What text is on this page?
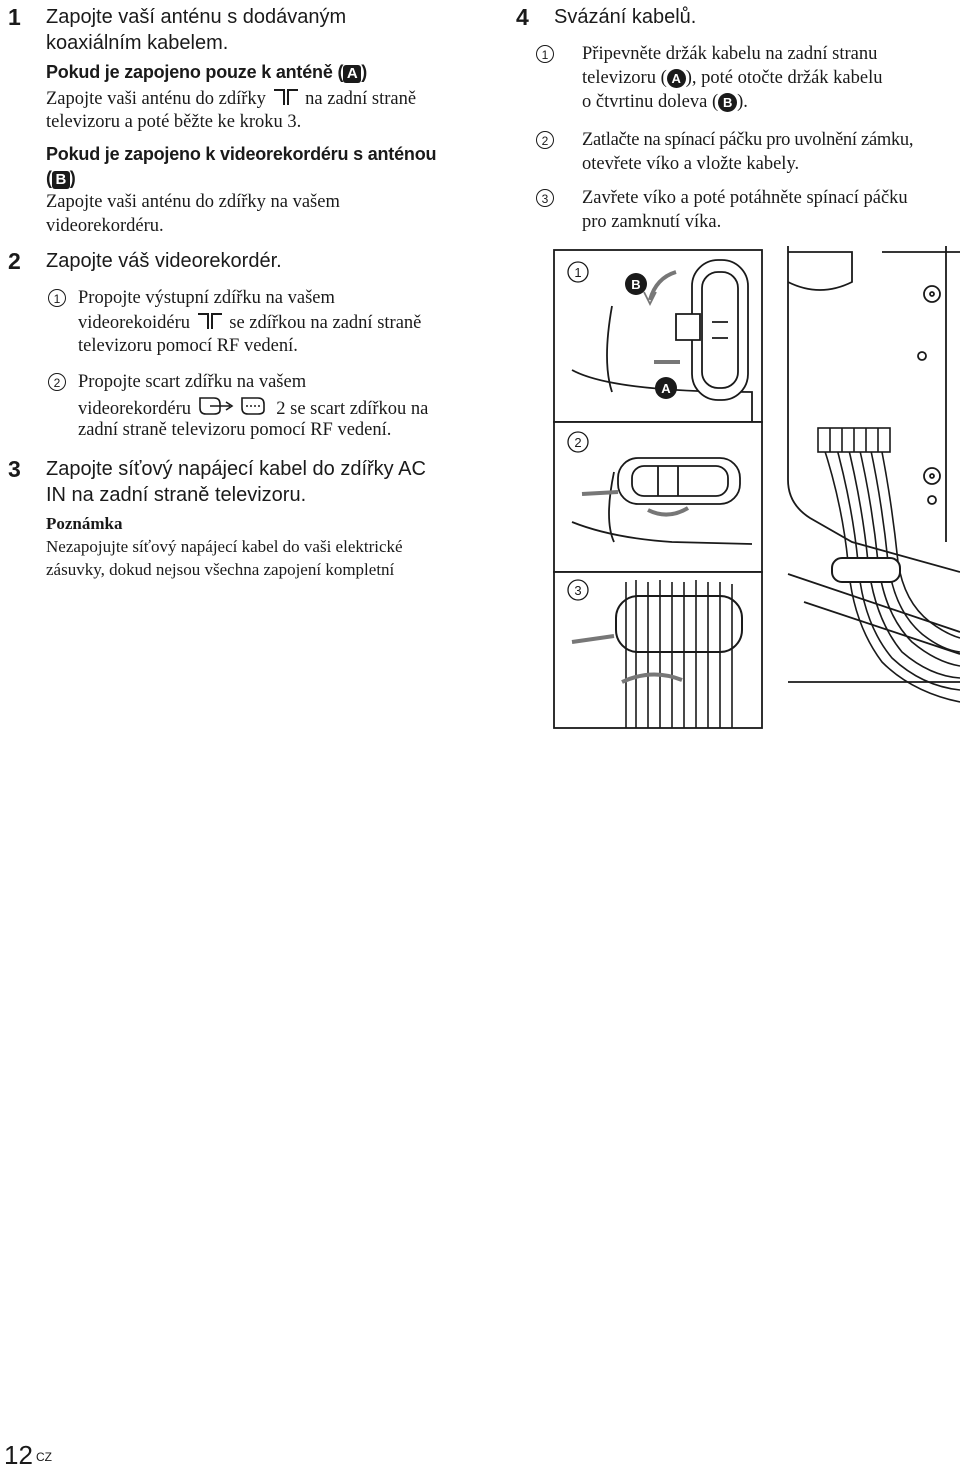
1 Zapojte vaší anténu s dodávaným
koaxiálním kabelem.
Pokud je zapojeno pouze k anténě ( A )
Zapojte vaši anténu do zdířky na zadní straně
televizoru a poté běžte ke kroku 3.
Pokud je zapojeno k videorekordéru s anténou
( B )
Zapojte vaši anténu do zdířky na vašem
videorekordéru.
2 Zapojte váš videorekordér.
1 Propojte výstupní zdířku na vašem
videorekoidéru se zdířkou na zadní straně
televizoru pomocí RF vedení.
2 Propojte scart zdířku na vašem
videorekordéru	2 se scart zdířkou na
zadní straně televizoru pomocí RF vedení.
3 Zapojte síťový napájecí kabel do zdířky AC
IN na zadní straně televizoru.
Poznámka
Nezapojujte síťový napájecí kabel do vaši elektrické
zásuvky, dokud nejsou všechna zapojení kompletní
4 Svázání kabelů.
1	Připevněte držák kabelu na zadní stranu
televizoru ( A ), poté otočte držák kabelu
o čtvrtinu doleva ( B ).
2	Zatlačte na spínací páčku pro uvolnění zámku,
otevřete víko a vložte kabely.
3	Zavřete víko a poté potáhněte spínací páčku
pro zamknutí víka.
1
2
3
B
A
12 CZ
